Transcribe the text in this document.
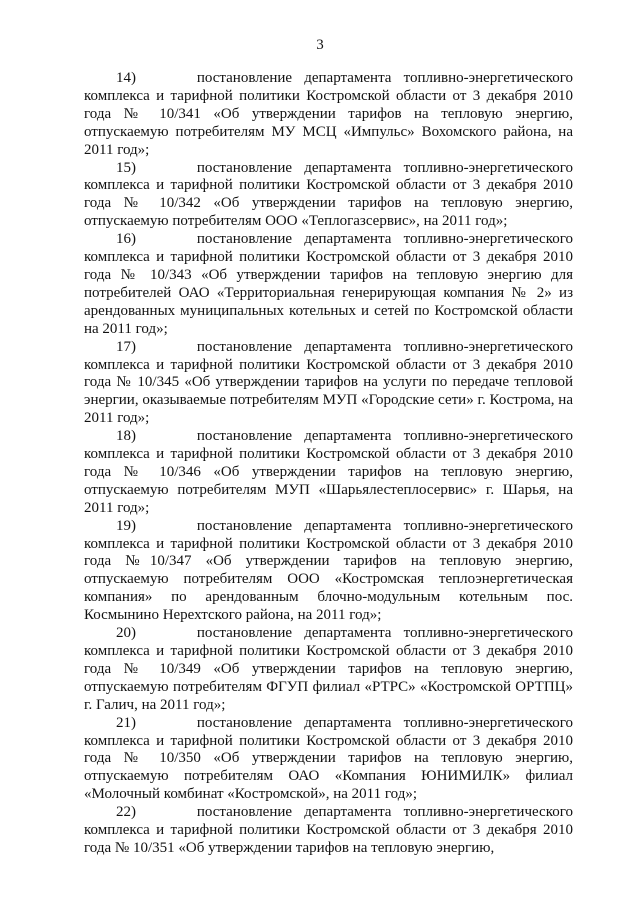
3

14)     постановление департамента топливно-энергетического комплекса и тарифной политики Костромской области от 3 декабря 2010 года № 10/341 «Об утверждении тарифов на тепловую энергию, отпускаемую потребителям МУ МСЦ «Импульс» Вохомского района, на 2011 год»;

15)     постановление департамента топливно-энергетического комплекса и тарифной политики Костромской области от 3 декабря 2010 года № 10/342 «Об утверждении тарифов на тепловую энергию, отпускаемую потребителям ООО «Теплогазсервис», на 2011 год»;

16)     постановление департамента топливно-энергетического комплекса и тарифной политики Костромской области от 3 декабря 2010 года № 10/343 «Об утверждении тарифов на тепловую энергию для потребителей ОАО «Территориальная генерирующая компания № 2» из арендованных муниципальных котельных и сетей по Костромской области на 2011 год»;

17)     постановление департамента топливно-энергетического комплекса и тарифной политики Костромской области от 3 декабря 2010 года № 10/345 «Об утверждении тарифов на услуги по передаче тепловой энергии, оказываемые потребителям МУП «Городские сети» г. Кострома, на 2011 год»;

18)     постановление департамента топливно-энергетического комплекса и тарифной политики Костромской области от 3 декабря 2010 года № 10/346 «Об утверждении тарифов на тепловую энергию, отпускаемую потребителям МУП «Шарьялестеплосервис» г. Шарья, на 2011 год»;

19)     постановление департамента топливно-энергетического комплекса и тарифной политики Костромской области от 3 декабря 2010 года №10/347 «Об утверждении тарифов на тепловую энергию, отпускаемую потребителям ООО «Костромская теплоэнергетическая компания» по арендованным блочно-модульным котельным пос. Космынино Нерехтского района, на 2011 год»;

20)     постановление департамента топливно-энергетического комплекса и тарифной политики Костромской области от 3 декабря 2010 года № 10/349 «Об утверждении тарифов на тепловую энергию, отпускаемую потребителям ФГУП филиал «РТРС» «Костромской ОРТПЦ» г. Галич, на 2011 год»;

21)     постановление департамента топливно-энергетического комплекса и тарифной политики Костромской области от 3 декабря 2010 года № 10/350 «Об утверждении тарифов на тепловую энергию, отпускаемую потребителям ОАО «Компания ЮНИМИЛК» филиал «Молочный комбинат «Костромской», на 2011 год»;

22)     постановление департамента топливно-энергетического комплекса и тарифной политики Костромской области от 3 декабря 2010 года № 10/351 «Об утверждении тарифов на тепловую энергию,
